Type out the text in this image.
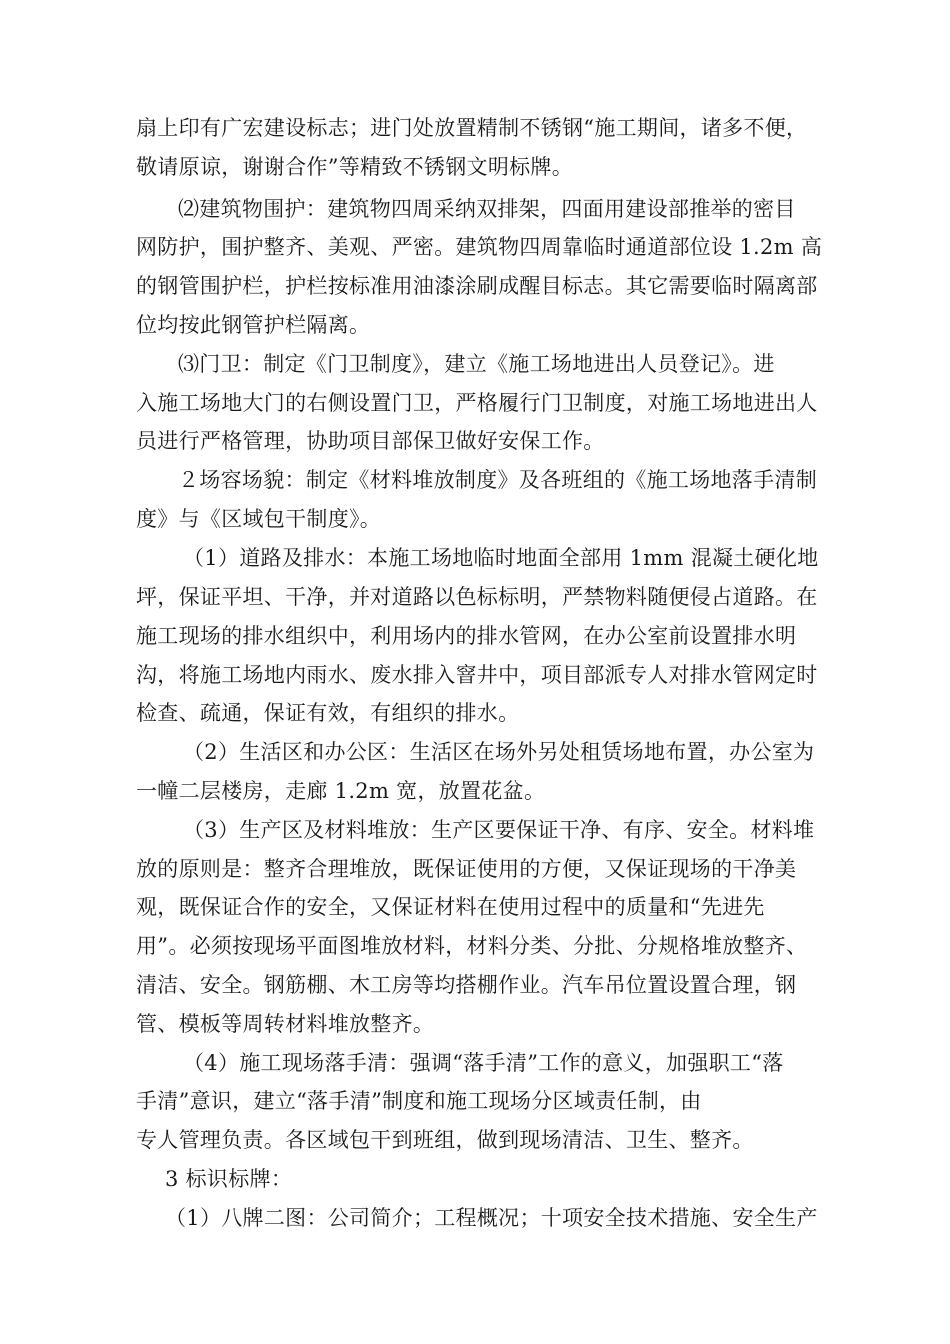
扇上印有广宏建设标志；进门处放置精制不锈钢“施工期间，诸多不便，
敬请原谅，谢谢合作”等精致不锈钢文明标牌。
⑵建筑物围护：建筑物四周采纳双排架，四面用建设部推举的密目
网防护，围护整齐、美观、严密。建筑物四周靠临时通道部位设 1.2m 高
的钢管围护栏，护栏按标准用油漆涂刷成醒目标志。其它需要临时隔离部
位均按此钢管护栏隔离。
⑶门卫：制定《门卫制度》，建立《施工场地进出人员登记》。进
入施工场地大门的右侧设置门卫，严格履行门卫制度，对施工场地进出人
员进行严格管理，协助项目部保卫做好安保工作。
２场容场貌：制定《材料堆放制度》及各班组的《施工场地落手清制
度》与《区域包干制度》。
（1）道路及排水：本施工场地临时地面全部用 1mm 混凝土硬化地
坪，保证平坦、干净，并对道路以色标标明，严禁物料随便侵占道路。在
施工现场的排水组织中，利用场内的排水管网，在办公室前设置排水明
沟，将施工场地内雨水、废水排入窨井中，项目部派专人对排水管网定时
检查、疏通，保证有效，有组织的排水。
（2）生活区和办公区：生活区在场外另处租赁场地布置，办公室为
一幢二层楼房，走廊 1.2m 宽，放置花盆。
（3）生产区及材料堆放：生产区要保证干净、有序、安全。材料堆
放的原则是：整齐合理堆放，既保证使用的方便，又保证现场的干净美
观，既保证合作的安全，又保证材料在使用过程中的质量和“先进先
用”。必须按现场平面图堆放材料，材料分类、分批、分规格堆放整齐、
清洁、安全。钢筋棚、木工房等均搭棚作业。汽车吊位置设置合理，钢
管、模板等周转材料堆放整齐。
（4）施工现场落手清：强调“落手清”工作的意义，加强职工“落
手清”意识，建立“落手清”制度和施工现场分区域责任制，由
专人管理负责。各区域包干到班组，做到现场清洁、卫生、整齐。
3 标识标牌：
（1）八牌二图：公司简介；工程概况；十项安全技术措施、安全生产
